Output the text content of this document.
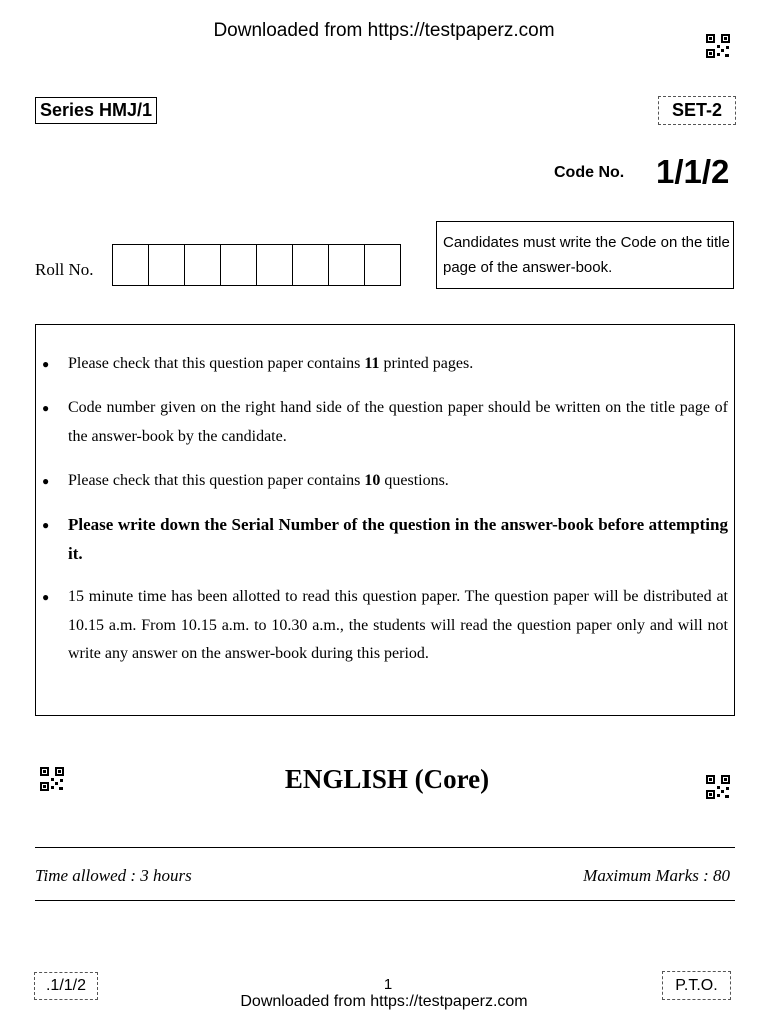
Downloaded from https://testpaperz.com
Series HMJ/1	SET-2
Code No. 1/1/2
Roll No.
Candidates must write the Code on the title page of the answer-book.
● Please check that this question paper contains 11 printed pages.
● Code number given on the right hand side of the question paper should be written on the title page of the answer-book by the candidate.
● Please check that this question paper contains 10 questions.
● Please write down the Serial Number of the question in the answer-book before attempting it.
● 15 minute time has been allotted to read this question paper. The question paper will be distributed at 10.15 a.m. From 10.15 a.m. to 10.30 a.m., the students will read the question paper only and will not write any answer on the answer-book during this period.
ENGLISH (Core)
Time allowed : 3 hours	Maximum Marks : 80
.1/1/2	1
Downloaded from https://testpaperz.com
P.T.O.
